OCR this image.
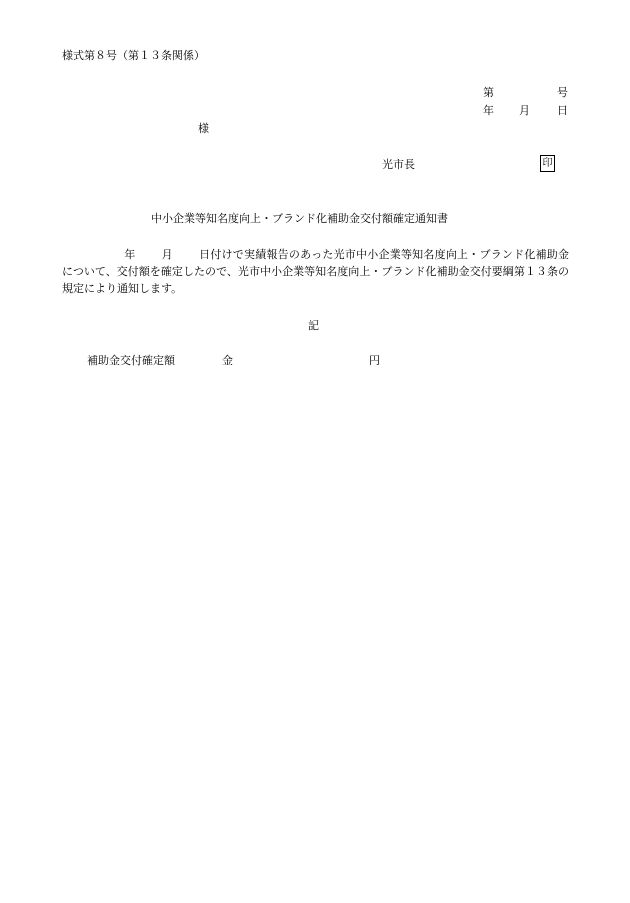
様式第８号（第１３条関係）
第	号
年 月 日
様
光市長	印
中小企業等知名度向上・ブランド化補助金交付額確定通知書
年 月 日付けで実績報告のあった光市中小企業等知名度向上・ブランド化補助金について、交付額を確定したので、光市中小企業等知名度向上・ブランド化補助金交付要綱第１３条の規定により通知します。
記
補助金交付確定額	金	円
